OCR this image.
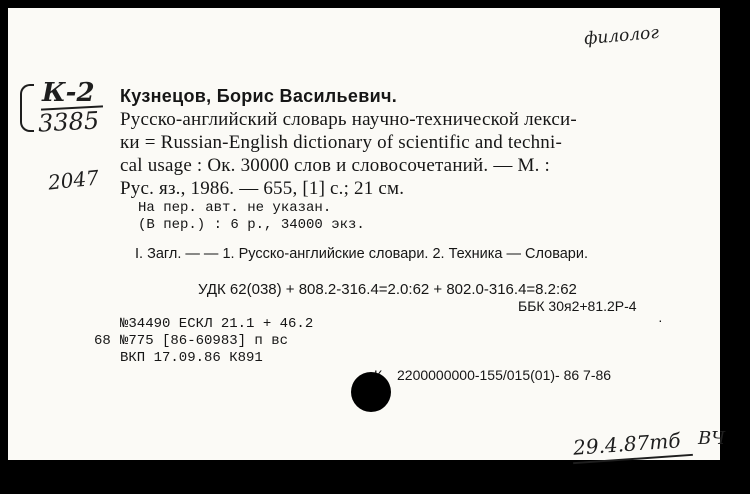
филолог
К-2
3385
2047
Кузнецов, Борис Васильевич.
Русско-английский словарь научно-технической лекси-
ки = Russian-English dictionary of scientific and techni-
cal usage : Ок. 30000 слов и словосочетаний. — М. :
Рус. яз., 1986. — 655, [1] с.; 21 см.
На пер. авт. не указан.
(В пер.) : 6 р., 34000 экз.
I. Загл. — — 1. Русско-английские словари. 2. Техника — Словари.
УДК 62(038) + 808.2-316.4=2.0:62 + 802.0-316.4=8.2:62
ББК 30я2+81.2Р-4
·
№34490 ЕСКЛ 21.1 + 46.2
68 №775 [86-60983] п вс
ВКП 17.09.86 К891
2200000000-155/015(01)- 86 7-86
29.4.87тб ВЧ
